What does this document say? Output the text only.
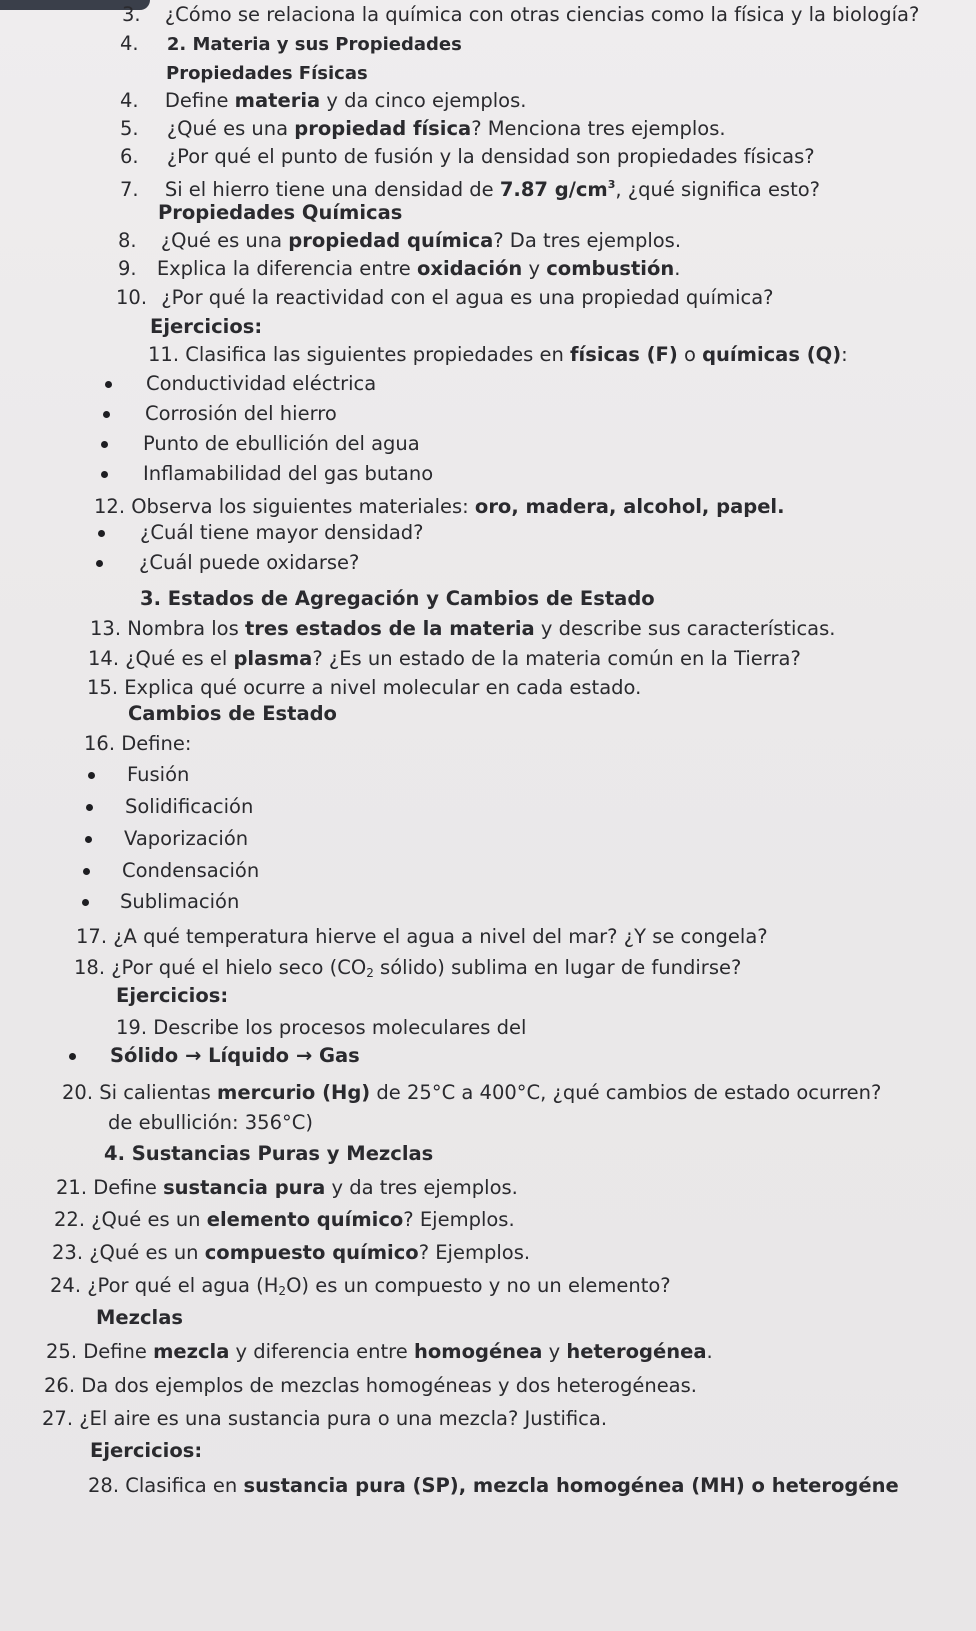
3. ¿Cómo se relaciona la química con otras ciencias como la física y la biología?
4. 2. Materia y sus Propiedades
Propiedades Físicas
4. Define materia y da cinco ejemplos.
5. ¿Qué es una propiedad física? Menciona tres ejemplos.
6. ¿Por qué el punto de fusión y la densidad son propiedades físicas?
7. Si el hierro tiene una densidad de 7.87 $g/cm^3$, ¿qué significa esto?
Propiedades Químicas
8. ¿Qué es una propiedad química? Da tres ejemplos.
9. Explica la diferencia entre oxidación y combustión.
10. ¿Por qué la reactividad con el agua es una propiedad química?
Ejercicios:
11. Clasifica las siguientes propiedades en físicas (F) o químicas (Q):
Conductividad eléctrica
Corrosión del hierro
Punto de ebullición del agua
Inflamabilidad del gas butano
12. Observa los siguientes materiales: oro, madera, alcohol, papel.
¿Cuál tiene mayor densidad?
¿Cuál puede oxidarse?
3. Estados de Agregación y Cambios de Estado
13. Nombra los tres estados de la materia y describe sus características.
14. ¿Qué es el plasma? ¿Es un estado de la materia común en la Tierra?
15. Explica qué ocurre a nivel molecular en cada estado.
Cambios de Estado
16. Define:
Fusión
Solidificación
Vaporización
Condensación
Sublimación
17. ¿A qué temperatura hierve el agua a nivel del mar? ¿Y se congela?
18. ¿Por qué el hielo seco ($CO_2$ sólido) sublima en lugar de fundirse?
Ejercicios:
19. Describe los procesos moleculares del
Sólido → Líquido → Gas
20. Si calientas mercurio (Hg) de 25°C a 400°C, ¿qué cambios de estado ocurren?
de ebullición: 356°C)
4. Sustancias Puras y Mezclas
21. Define sustancia pura y da tres ejemplos.
22. ¿Qué es un elemento químico? Ejemplos.
23. ¿Qué es un compuesto químico? Ejemplos.
24. ¿Por qué el agua $(H_2O)$ es un compuesto y no un elemento?
Mezclas
25. Define mezcla y diferencia entre homogénea y heterogénea.
26. Da dos ejemplos de mezclas homogéneas y dos heterogéneas.
27. ¿El aire es una sustancia pura o una mezcla? Justifica.
Ejercicios:
28. Clasifica en sustancia pura (SP), mezcla homogénea (MH) o heterogéne
